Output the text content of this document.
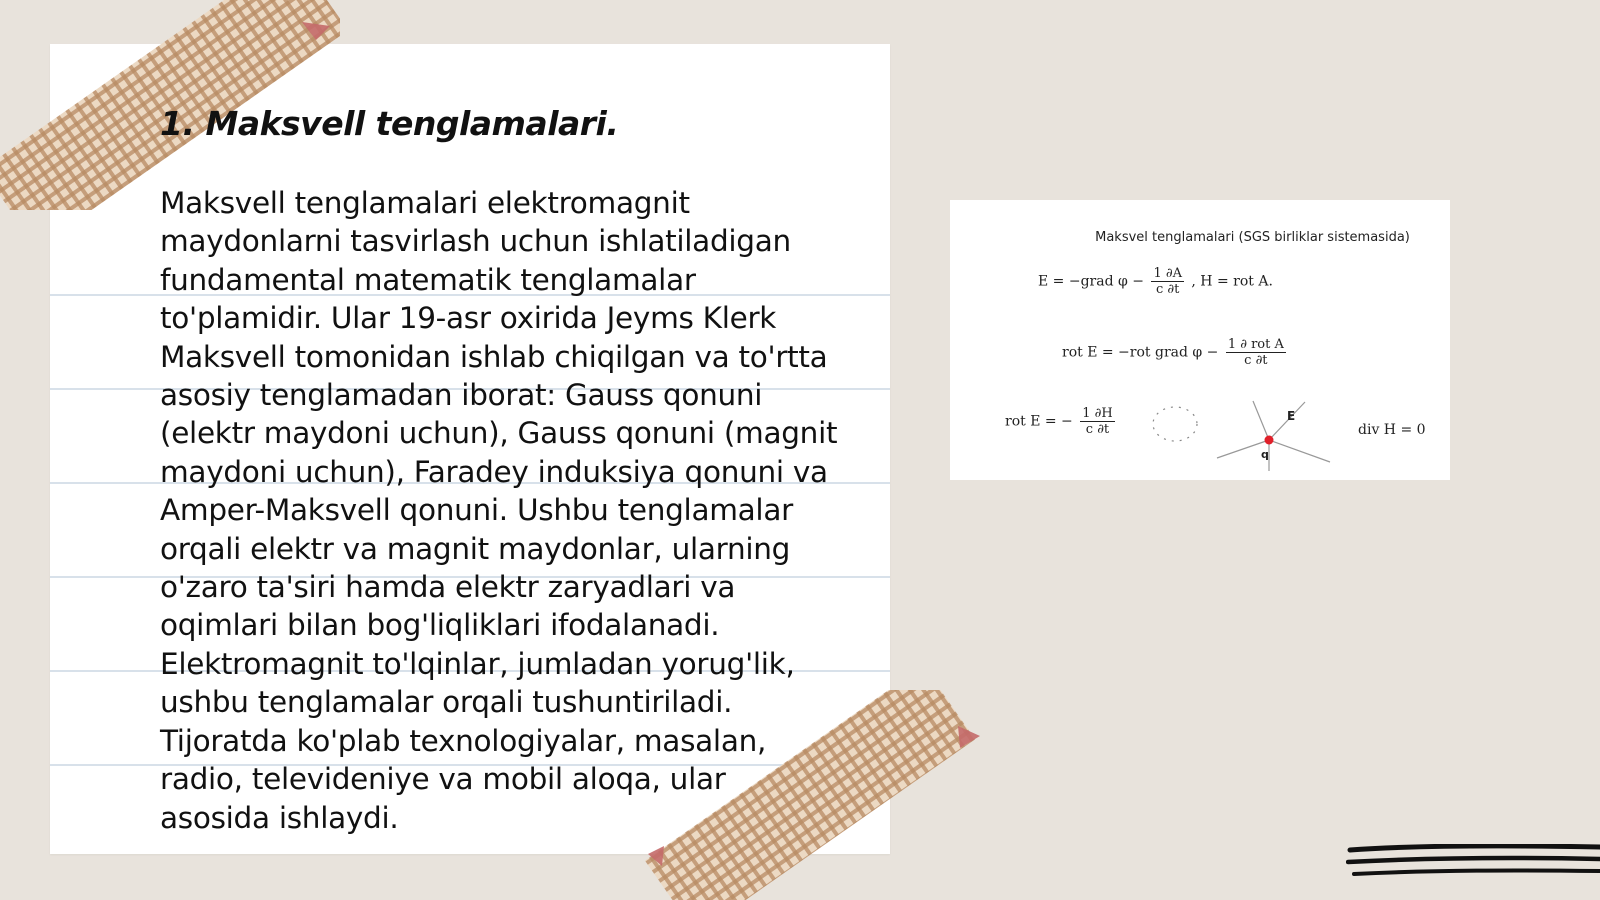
1. Maksvell tenglamalari.

Maksvell tenglamalari elektromagnit maydonlarni tasvirlash uchun ishlatiladigan fundamental matematik tenglamalar to'plamidir. Ular 19-asr oxirida Jeyms Klerk Maksvell tomonidan ishlab chiqilgan va to'rtta asosiy tenglamadan iborat: Gauss qonuni (elektr maydoni uchun), Gauss qonuni (magnit maydoni uchun), Faradey induksiya qonuni va Amper-Maksvell qonuni. Ushbu tenglamalar orqali elektr va magnit maydonlar, ularning o'zaro ta'siri hamda elektr zaryadlari va oqimlari bilan bog'liqliklari ifodalanadi. Elektromagnit to'lqinlar, jumladan yorug'lik, ushbu tenglamalar orqali tushuntiriladi. Tijoratda ko'plab texnologiyalar, masalan, radio, televideniye va mobil aloqa, ular asosida ishlaydi.

Maksvel tenglamalari (SGS birliklar sistemasida)
E = −grad $\varphi - \frac{1 \partial A}{c \partial t}$ , H = rot A.
rot E = −rot grad $\varphi - \frac{\text{1 ∂ rot A}}{c \partial t}$
rot E = − $\frac{1 \partial H}{c \partial t}$	E
q
div H = 0
